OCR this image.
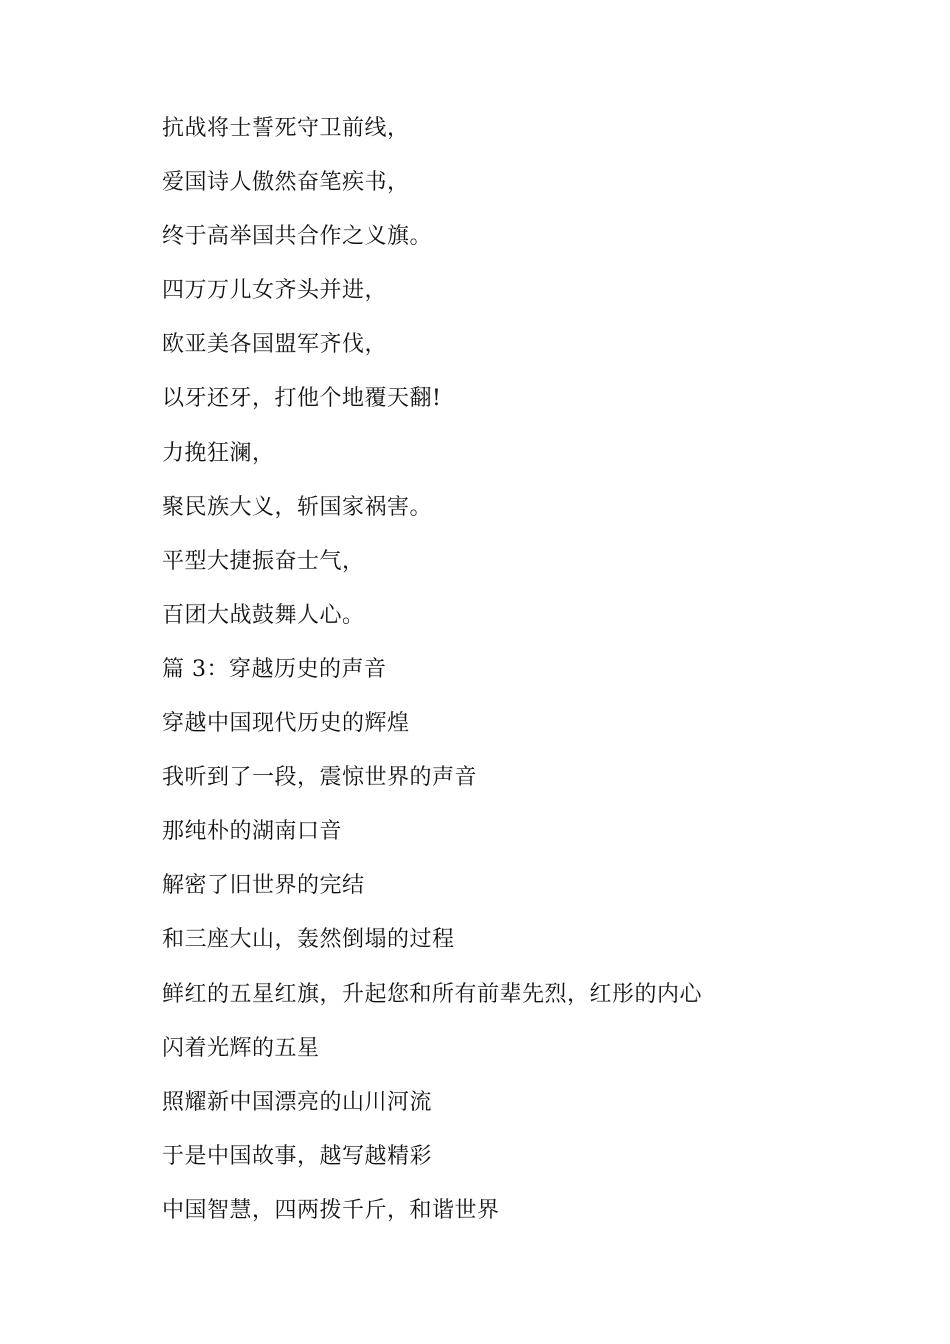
抗战将士誓死守卫前线，
爱国诗人傲然奋笔疾书，
终于高举国共合作之义旗。
四万万儿女齐头并进，
欧亚美各国盟军齐伐，
以牙还牙，打他个地覆天翻!
力挽狂澜，
聚民族大义，斩国家祸害。
平型大捷振奋士气，
百团大战鼓舞人心。
篇 3：穿越历史的声音
穿越中国现代历史的辉煌
我听到了一段，震惊世界的声音
那纯朴的湖南口音
解密了旧世界的完结
和三座大山，轰然倒塌的过程
鲜红的五星红旗，升起您和所有前辈先烈，红彤的内心
闪着光辉的五星
照耀新中国漂亮的山川河流
于是中国故事，越写越精彩
中国智慧，四两拨千斤，和谐世界
